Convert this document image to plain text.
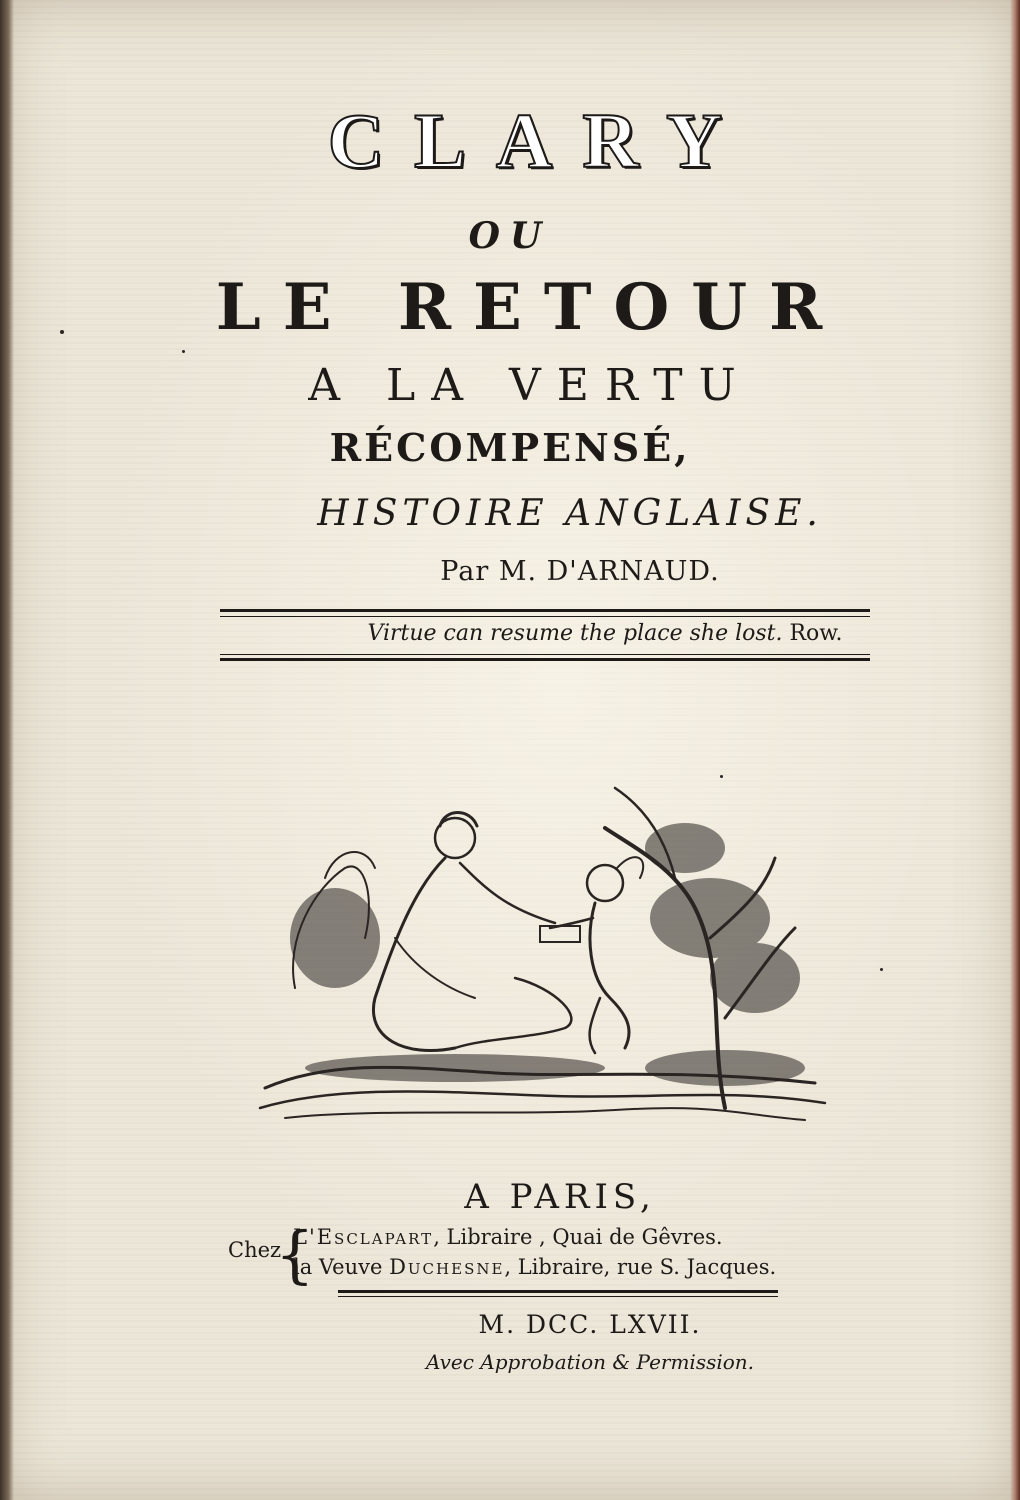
CLARY
OU
LE RETOUR
A LA VERTU
RÉCOMPENSÉ,
HISTOIRE ANGLAISE.
Par M. D'ARNAUD.
Virtue can resume the place she lost. Row.
A PARIS,
Chez
{
L'Esclapart, Libraire , Quai de Gêvres.
la Veuve Duchesne, Libraire, rue S. Jacques.
M. DCC. LXVII.
Avec Approbation & Permission.
